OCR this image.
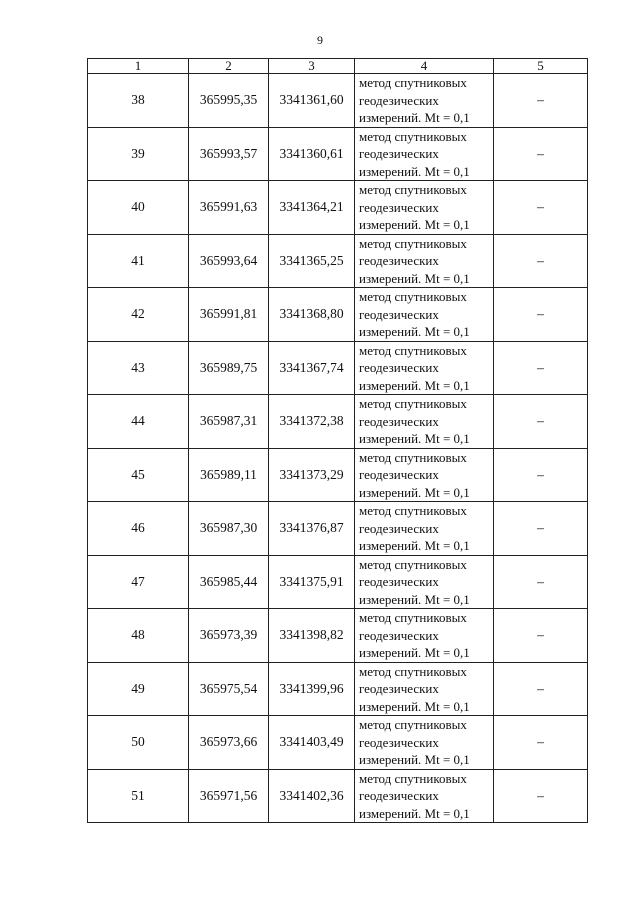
9
1	2	3	4	5
38	365995,35	3341361,60	метод спутниковых
геодезических
измерений. Mt = 0,1	–
39	365993,57	3341360,61	метод спутниковых
геодезических
измерений. Mt = 0,1	–
40	365991,63	3341364,21	метод спутниковых
геодезических
измерений. Mt = 0,1	–
41	365993,64	3341365,25	метод спутниковых
геодезических
измерений. Mt = 0,1	–
42	365991,81	3341368,80	метод спутниковых
геодезических
измерений. Mt = 0,1	–
43	365989,75	3341367,74	метод спутниковых
геодезических
измерений. Mt = 0,1	–
44	365987,31	3341372,38	метод спутниковых
геодезических
измерений. Mt = 0,1	–
45	365989,11	3341373,29	метод спутниковых
геодезических
измерений. Mt = 0,1	–
46	365987,30	3341376,87	метод спутниковых
геодезических
измерений. Mt = 0,1	–
47	365985,44	3341375,91	метод спутниковых
геодезических
измерений. Mt = 0,1	–
48	365973,39	3341398,82	метод спутниковых
геодезических
измерений. Mt = 0,1	–
49	365975,54	3341399,96	метод спутниковых
геодезических
измерений. Mt = 0,1	–
50	365973,66	3341403,49	метод спутниковых
геодезических
измерений. Mt = 0,1	–
51	365971,56	3341402,36	метод спутниковых
геодезических
измерений. Mt = 0,1	–
